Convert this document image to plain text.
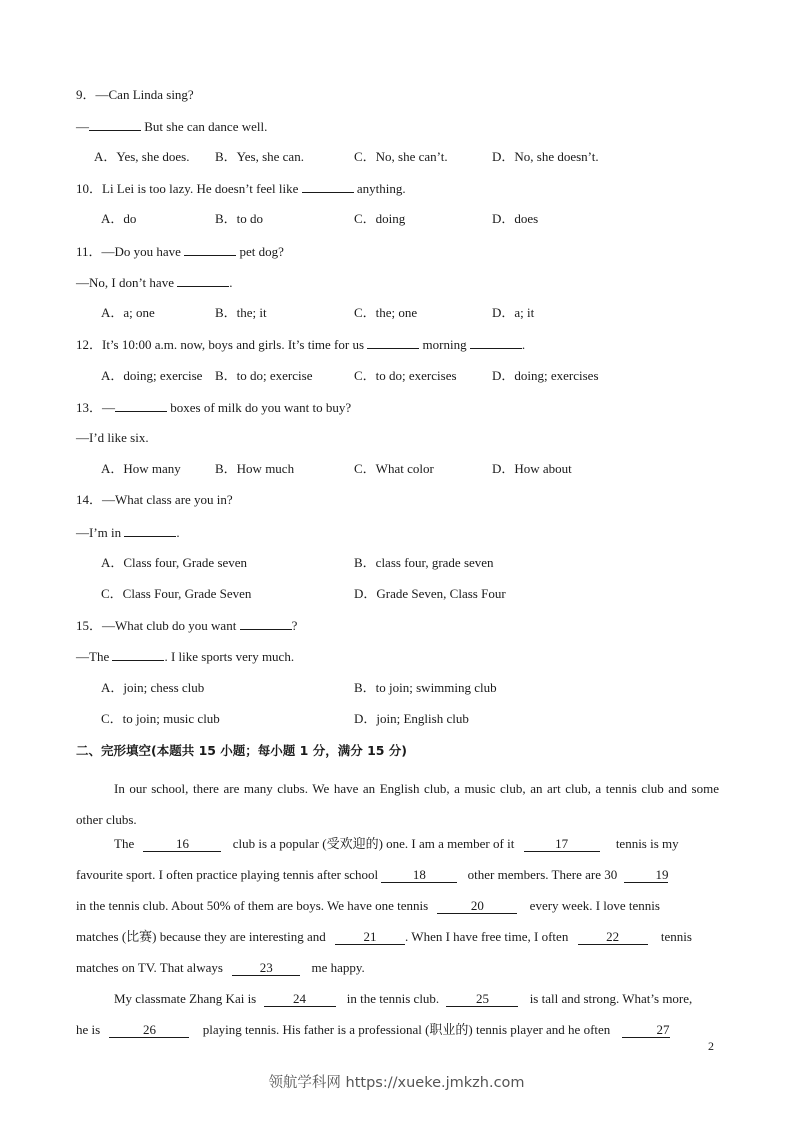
9．—Can Linda sing?
—	But she can dance well.
A．Yes, she does. B．Yes, she can.	C．No, she can’t.	D．No, she doesn’t.
10．Li Lei is too lazy. He doesn’t feel like	anything.
A．do	B．to do	C．doing	D．does
11．—Do you have	pet dog?
—No, I don’t have	.
A．a; one	B．the; it	C．the; one	D．a; it
12．It’s 10:00 a.m. now, boys and girls. It’s time for us	morning	.
A．doing; exercise B．to do; exercise	C．to do; exercises	D．doing; exercises
13．—	boxes of milk do you want to buy?
—I’d like six.
A．How many	B．How much	C．What color	D．How about
14．—What class are you in?
—I’m in	.
A．Class four, Grade seven	B．class four, grade seven
C．Class Four, Grade Seven	D．Grade Seven, Class Four
15．—What club do you want	?
—The	. I like sports very much.
A．join; chess club	B．to join; swimming club
C．to join; music club	D．join; English club
二、完形填空(本题共 15 小题；每小题 1 分，满分 15 分)
In our school, there are many clubs. We have an English club, a music club, an art club, a tennis club and some other clubs.
The	16	club is a popular (受欢迎的) one. I am a member of it	17	tennis is my
favourite sport. I often practice playing tennis after school 18	other members. There are 30	19
in the tennis club. About 50% of them are boys. We have one tennis	20	every week. I love tennis
matches (比赛) because they are interesting and	21 . When I have free time, I often	22	tennis
matches on TV. That always	23	me happy.
My classmate Zhang Kai is	24	in the tennis club.	25	is tall and strong. What’s more,
he is	26	playing tennis. His father is a professional (职业的) tennis player and he often	27
2
领航学科网 https://xueke.jmkzh.com
